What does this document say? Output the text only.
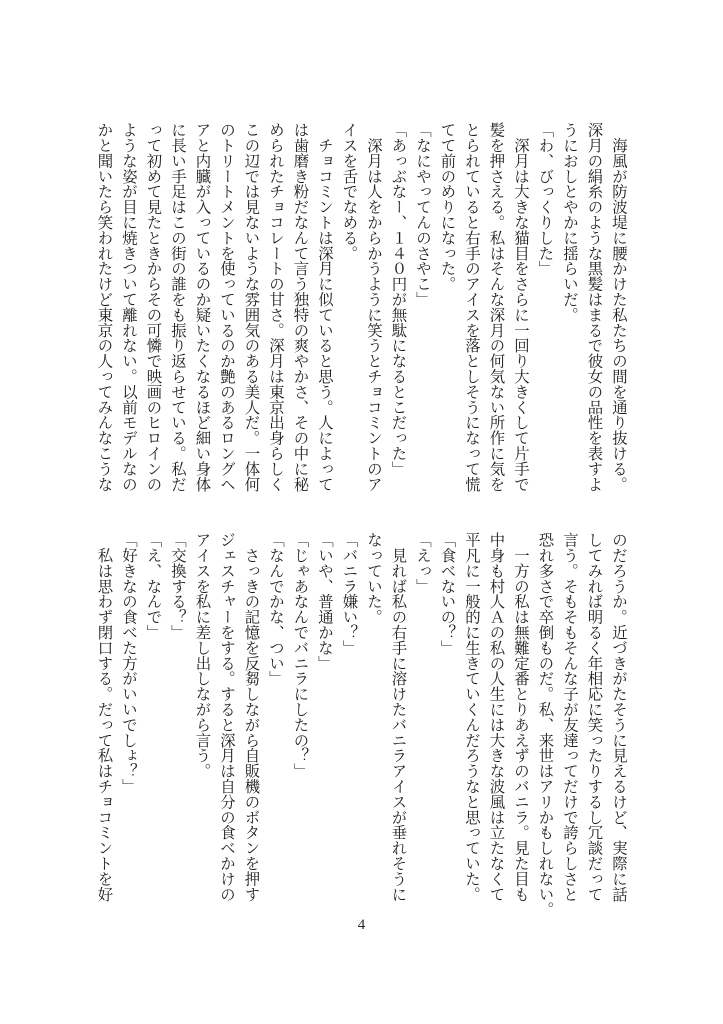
　海風が防波堤に腰かけた私たちの間を通り抜ける。

深月の絹糸のような黒髪はまるで彼女の品性を表すよ

うにおしとやかに揺らいだ。

「わ、びっくりした」

　深月は大きな猫目をさらに一回り大きくして片手で

髪を押さえる。私はそんな深月の何気ない所作に気を

とられていると右手のアイスを落としそうになって慌

てて前のめりになった。

「なにやってんのさやこ」

「あっぶなー、１４０円が無駄になるとこだった」

　深月は人をからかうように笑うとチョコミントのア

イスを舌でなめる。

　チョコミントは深月に似ていると思う。人によって

は歯磨き粉だなんて言う独特の爽やかさ、その中に秘

められたチョコレートの甘さ。深月は東京出身らしく

この辺では見ないような雰囲気のある美人だ。一体何

のトリートメントを使っているのか艶のあるロングヘ

アと内臓が入っているのか疑いたくなるほど細い身体

に長い手足はこの街の誰をも振り返らせている。私だ

って初めて見たときからその可憐で映画のヒロインの

ような姿が目に焼きついて離れない。以前モデルなの

かと聞いたら笑われたけど東京の人ってみんなこうな

のだろうか。近づきがたそうに見えるけど、実際に話

してみれば明るく年相応に笑ったりするし冗談だって

言う。そもそもそんな子が友達ってだけで誇らしさと

恐れ多さで卒倒ものだ。私、来世はアリかもしれない。

　一方の私は無難定番とりあえずのバニラ。見た目も

中身も村人Ａの私の人生には大きな波風は立たなくて

平凡に一般的に生きていくんだろうなと思っていた。

「食べないの？」

「えっ」

　見れば私の右手に溶けたバニラアイスが垂れそうに

なっていた。

「バニラ嫌い？」

「いや、普通かな」

「じゃあなんでバニラにしたの？」

「なんでかな、つい」

　さっきの記憶を反芻しながら自販機のボタンを押す

ジェスチャーをする。すると深月は自分の食べかけの

アイスを私に差し出しながら言う。

「交換する？」

「え、なんで」

「好きなの食べた方がいいでしょ？」

　私は思わず閉口する。だって私はチョコミントを好

4
